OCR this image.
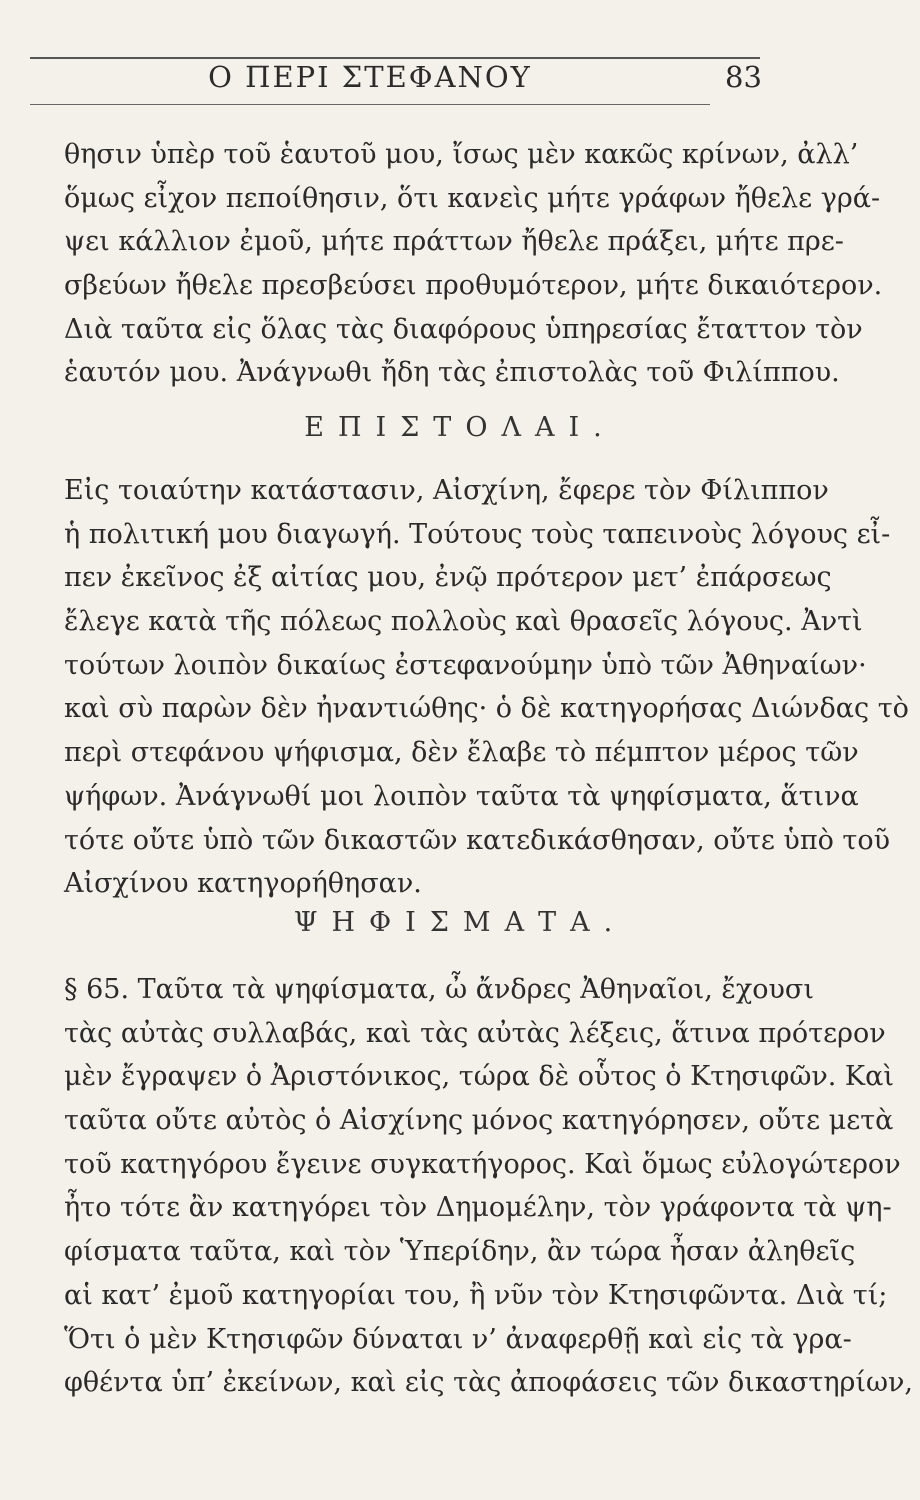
Ο ΠΕΡΙ ΣΤΕΦΑΝΟΥ	83
θησιν ὑπὲρ τοῦ ἑαυτοῦ μου, ἴσως μὲν κακῶς κρίνων, ἀλλ’
ὅμως εἶχον πεποίθησιν, ὅτι κανεὶς μήτε γράφων ἤθελε γρά-
ψει κάλλιον ἐμοῦ, μήτε πράττων ἤθελε πράξει, μήτε πρε-
σβεύων ἤθελε πρεσβεύσει προθυμότερον, μήτε δικαιότερον.
Διὰ ταῦτα εἰς ὅλας τὰς διαφόρους ὑπηρεσίας ἔταττον τὸν
ἑαυτόν μου. Ἀνάγνωθι ἤδη τὰς ἐπιστολὰς τοῦ Φιλίππου.
ΕΠΙΣΤΟΛΑΙ.
Εἰς τοιαύτην κατάστασιν, Αἰσχίνη, ἔφερε τὸν Φίλιππον
ἡ πολιτική μου διαγωγή. Τούτους τοὺς ταπεινοὺς λόγους εἶ-
πεν ἐκεῖνος ἐξ αἰτίας μου, ἐνῷ πρότερον μετ’ ἐπάρσεως
ἔλεγε κατὰ τῆς πόλεως πολλοὺς καὶ θρασεῖς λόγους. Ἀντὶ
τούτων λοιπὸν δικαίως ἐστεφανούμην ὑπὸ τῶν Ἀθηναίων·
καὶ σὺ παρὼν δὲν ἠναντιώθης· ὁ δὲ κατηγορήσας Διώνδας τὸ
περὶ στεφάνου ψήφισμα, δὲν ἔλαβε τὸ πέμπτον μέρος τῶν
ψήφων. Ἀνάγνωθί μοι λοιπὸν ταῦτα τὰ ψηφίσματα, ἅτινα
τότε οὔτε ὑπὸ τῶν δικαστῶν κατεδικάσθησαν, οὔτε ὑπὸ τοῦ
Αἰσχίνου κατηγορήθησαν.
ΨΗΦΙΣΜΑΤΑ.
§ 65. Ταῦτα τὰ ψηφίσματα, ὦ ἄνδρες Ἀθηναῖοι, ἔχουσι
τὰς αὐτὰς συλλαβάς, καὶ τὰς αὐτὰς λέξεις, ἅτινα πρότερον
μὲν ἔγραψεν ὁ Ἀριστόνικος, τώρα δὲ οὗτος ὁ Κτησιφῶν. Καὶ
ταῦτα οὔτε αὐτὸς ὁ Αἰσχίνης μόνος κατηγόρησεν, οὔτε μετὰ
τοῦ κατηγόρου ἔγεινε συγκατήγορος. Καὶ ὅμως εὐλογώτερον
ἦτο τότε ἂν κατηγόρει τὸν Δημομέλην, τὸν γράφοντα τὰ ψη-
φίσματα ταῦτα, καὶ τὸν Ὑπερίδην, ἂν τώρα ἦσαν ἀληθεῖς
αἱ κατ’ ἐμοῦ κατηγορίαι του, ἢ νῦν τὸν Κτησιφῶντα. Διὰ τί;
Ὅτι ὁ μὲν Κτησιφῶν δύναται ν’ ἀναφερθῇ καὶ εἰς τὰ γρα-
φθέντα ὑπ’ ἐκείνων, καὶ εἰς τὰς ἀποφάσεις τῶν δικαστηρίων,
